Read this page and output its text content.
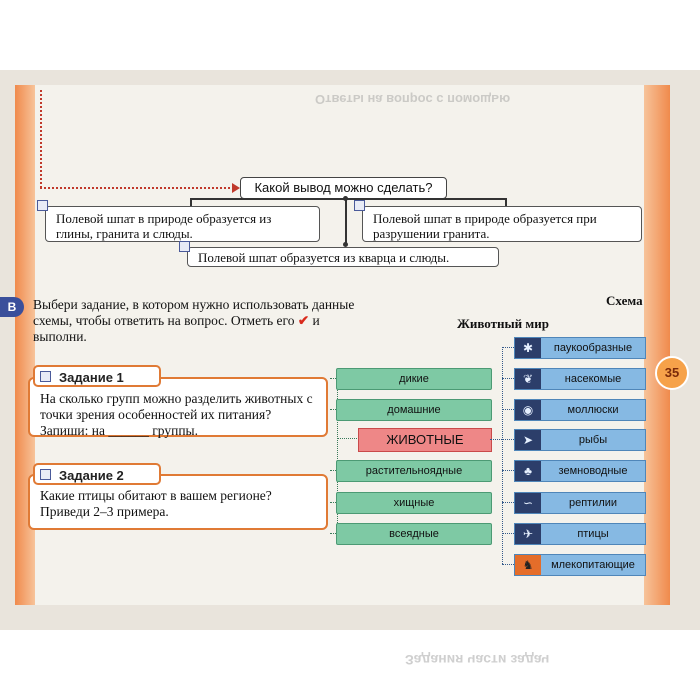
Ответы на вопрос с помощью
Задания части задач
Какой вывод можно сделать?
Полевой шпат в природе образуется из глины, гранита и слюды.
Полевой шпат в природе образуется при разрушении гранита.
Полевой шпат образуется из кварца и слюды.
В	Выбери задание, в котором нужно использовать данные схемы, чтобы ответить на вопрос. Отметь его ✔ и выполни.
На сколько групп можно разделить животных с точки зрения особенностей их питания? Запиши: на ______ группы.
Задание 1
Какие птицы обитают в вашем регионе? Приведи 2–3 примера.
Задание 2
Схема
Животный мир
дикие
домашние
ЖИВОТНЫЕ
растительноядные
хищные
всеядные
✱	паукообразные
❦	насекомые
◉	моллюски
➤	рыбы
♣	земноводные
∽	рептилии
✈	птицы
♞	млекопитающие
35
